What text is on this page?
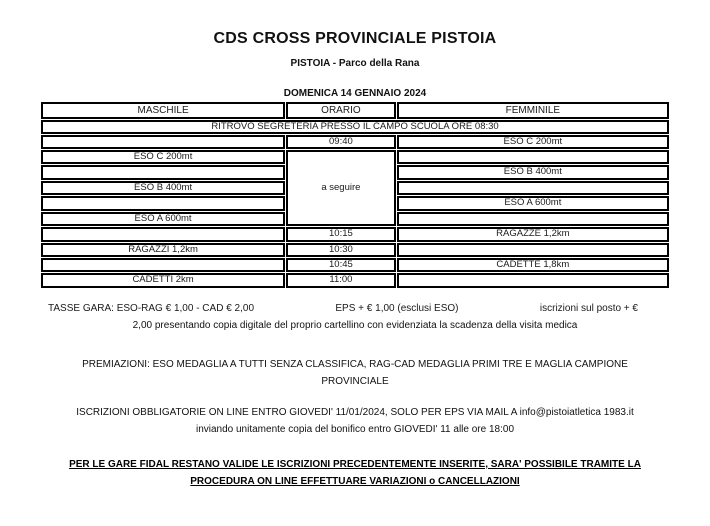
CDS CROSS PROVINCIALE PISTOIA
PISTOIA - Parco della Rana
DOMENICA 14 GENNAIO 2024
MASCHILE	ORARIO	FEMMINILE
RITROVO SEGRETERIA PRESSO IL CAMPO SCUOLA ORE 08:30		
	09:40	ESO C 200mt
ESO C 200mt	a seguire	
		ESO B 400mt
ESO B 400mt		
		ESO A 600mt
ESO A 600mt		
	10:15	RAGAZZE 1,2km
RAGAZZI 1,2km	10:30	
	10:45	CADETTE 1,8km
CADETTI 2km	11:00	
TASSE GARA: ESO-RAG € 1,00 - CAD € 2,00	EPS + € 1,00 (esclusi ESO)	iscrizioni sul posto + €

2,00 presentando copia digitale del proprio cartellino con evidenziata la scadenza della visita medica

PREMIAZIONI: ESO MEDAGLIA A TUTTI SENZA CLASSIFICA, RAG-CAD MEDAGLIA PRIMI TRE E MAGLIA CAMPIONE

PROVINCIALE

ISCRIZIONI OBBLIGATORIE ON LINE ENTRO GIOVEDI' 11/01/2024, SOLO PER EPS VIA MAIL A info@pistoiatletica 1983.it

inviando unitamente copia del bonifico entro GIOVEDI' 11 alle ore 18:00

PER LE GARE FIDAL RESTANO VALIDE LE ISCRIZIONI PRECEDENTEMENTE INSERITE, SARA' POSSIBILE TRAMITE LA

PROCEDURA ON LINE EFFETTUARE VARIAZIONI o CANCELLAZIONI
